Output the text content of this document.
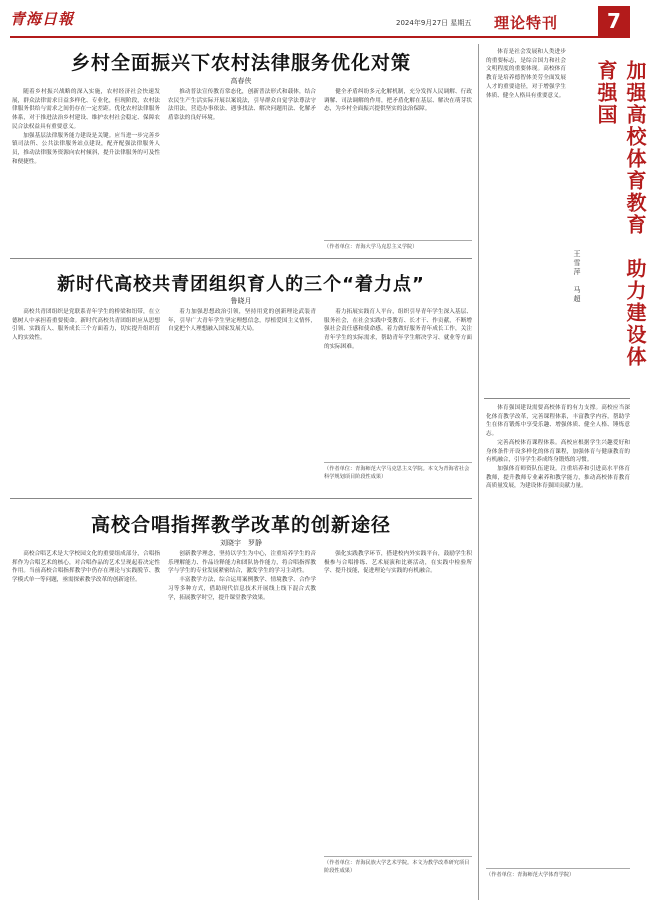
青海日報	2024年9月27日 星期五 理论特刊	7
乡村全面振兴下农村法律服务优化对策
高春侠

随着乡村振兴战略的深入实施，农村经济社会快速发展，群众法律需求日益多样化、专业化，但现阶段，农村法律服务供给与需求之间仍存在一定差距。优化农村法律服务体系，对于推进法治乡村建设、维护农村社会稳定、保障农民合法权益具有重要意义。

加强基层法律服务能力建设是关键。应当进一步完善乡镇司法所、公共法律服务站点建设，配齐配强法律服务人员，推动法律服务资源向农村倾斜，提升法律服务的可及性和便捷性。

推动普法宣传教育常态化，创新普法形式和载体，结合农民生产生活实际开展以案说法，引导群众自觉学法尊法守法用法，营造办事依法、遇事找法、解决问题用法、化解矛盾靠法的良好环境。

健全矛盾纠纷多元化解机制，充分发挥人民调解、行政调解、司法调解的作用，把矛盾化解在基层、解决在萌芽状态，为乡村全面振兴提供坚实的法治保障。

（作者单位：青海大学马克思主义学院）
新时代高校共青团组织育人的三个“着力点”
鲁晓月

高校共青团组织是党联系青年学生的桥梁和纽带，在立德树人中承担着重要使命。新时代高校共青团组织应从思想引领、实践育人、服务成长三个方面着力，切实提升组织育人的实效性。

着力加强思想政治引领，坚持用党的创新理论武装青年，引导广大青年学生坚定理想信念，厚植爱国主义情怀，自觉把个人理想融入国家发展大局。

着力拓展实践育人平台，组织引导青年学生深入基层、服务社会，在社会实践中受教育、长才干、作贡献，不断增强社会责任感和使命感。着力做好服务青年成长工作，关注青年学生的实际需求，帮助青年学生解决学习、就业等方面的实际困难。

（作者单位：青海师范大学马克思主义学院。本文为青海省社会科学规划项目阶段性成果）
高校合唱指挥教学改革的创新途径
刘晓宇　罗静

高校合唱艺术是大学校园文化的重要组成部分，合唱指挥作为合唱艺术的核心，对合唱作品的艺术呈现起着决定性作用。当前高校合唱指挥教学中仍存在理论与实践脱节、教学模式单一等问题，亟需探索教学改革的创新途径。

创新教学理念，坚持以学生为中心，注重培养学生的音乐理解能力、作品诠释能力和团队协作能力，将合唱指挥教学与学生的专业发展紧密结合，激发学生的学习主动性。

丰富教学方法，综合运用案例教学、情境教学、合作学习等多种方式，借助现代信息技术开展线上线下混合式教学，拓展教学时空，提升课堂教学效果。

强化实践教学环节，搭建校内外实践平台，鼓励学生积极参与合唱排练、艺术展演和比赛活动，在实践中检验所学、提升技能，促进理论与实践的有机融合。

（作者单位：青海民族大学艺术学院。本文为教学改革研究项目阶段性成果）
加强高校体育教育　助力建设体育强国
王雪萍　马超

体育是社会发展和人类进步的重要标志，是综合国力和社会文明程度的重要体现。高校体育教育是培养德智体美劳全面发展人才的重要途径，对于增强学生体质、健全人格具有重要意义。

体育强国建设需要高校体育的有力支撑。高校应当深化体育教学改革，完善课程体系，丰富教学内容，帮助学生在体育锻炼中享受乐趣、增强体质、健全人格、锤炼意志。

完善高校体育课程体系。高校应根据学生兴趣爱好和身体条件开设多样化的体育课程，加强体育与健康教育的有机融合，引导学生养成终身锻炼的习惯。

加强体育师资队伍建设。注重培养和引进高水平体育教师，提升教师专业素养和教学能力，推动高校体育教育高质量发展，为建设体育强国贡献力量。

（作者单位：青海师范大学体育学院）
